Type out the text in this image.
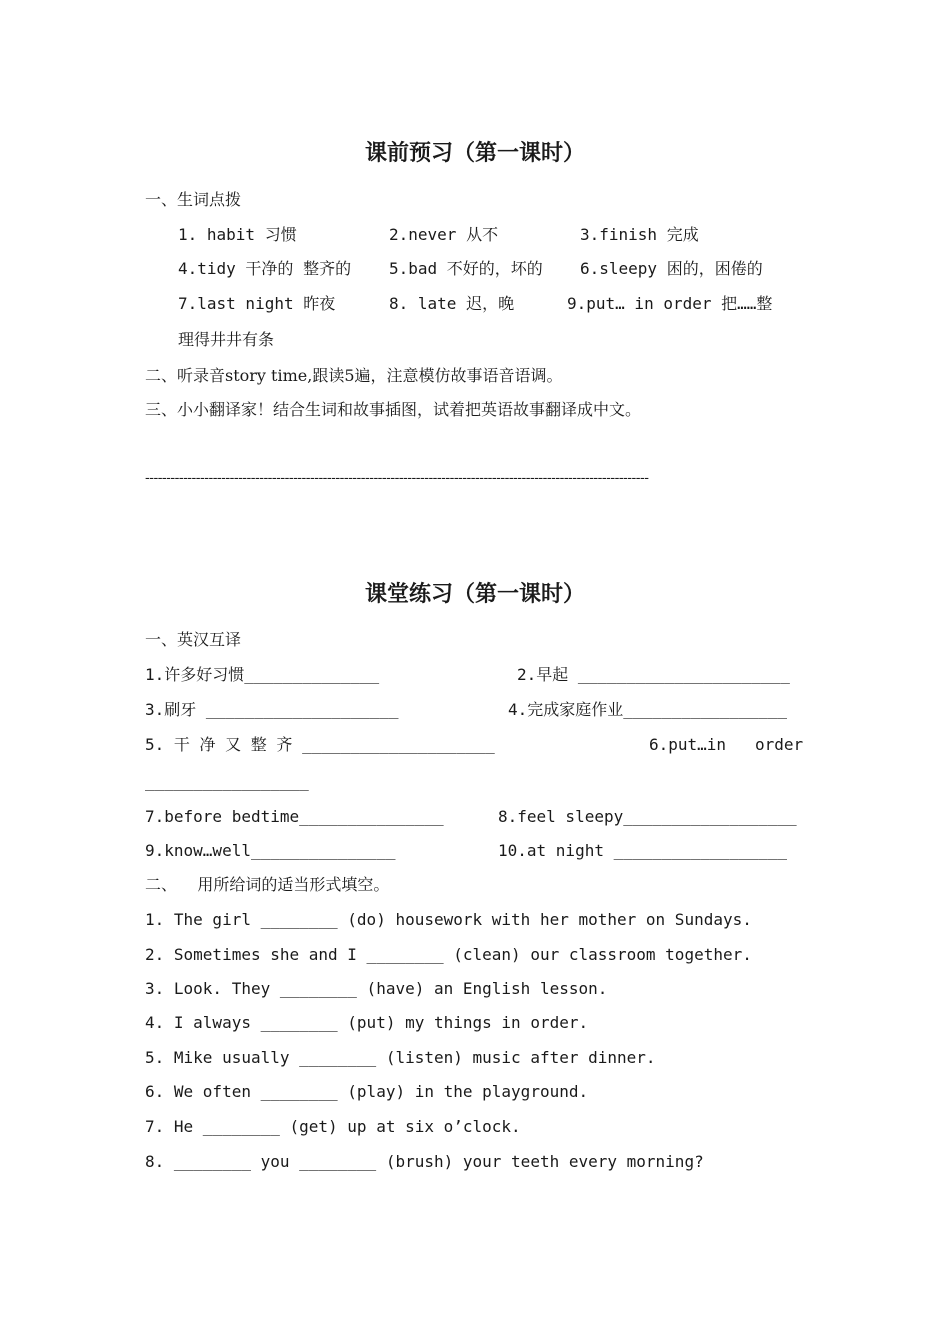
课前预习（第一课时）
一、生词点拨
1. habit 习惯	2.never 从不	3.finish 完成
4.tidy 干净的 整齐的 5.bad 不好的，坏的 6.sleepy 困的，困倦的
7.last night 昨夜	8. late 迟，晚	9.put… in order 把……整
理得井井有条
二、听录音story time,跟读5遍，注意模仿故事语音语调。
三、小小翻译家！结合生词和故事插图，试着把英语故事翻译成中文。
-----------------------------------------------------------------------------------------------------------------------
课堂练习（第一课时）
一、英汉互译
1.许多好习惯______________	2.早起 ______________________
3.刷牙 ____________________	4.完成家庭作业_________________
5. 干 净 又 整 齐 ____________________	6.put…in   order
_________________
7.before bedtime_______________	8.feel sleepy__________________
9.know…well_______________	10.at night __________________
二、    用所给词的适当形式填空。
1. The girl ________ (do) housework with her mother on Sundays.
2. Sometimes she and I ________ (clean) our classroom together.
3. Look. They ________ (have) an English lesson.
4. I always ________ (put) my things in order.
5. Mike usually ________ (listen) music after dinner.
6. We often ________ (play) in the playground.
7. He ________ (get) up at six o’clock.
8. ________ you ________ (brush) your teeth every morning?
